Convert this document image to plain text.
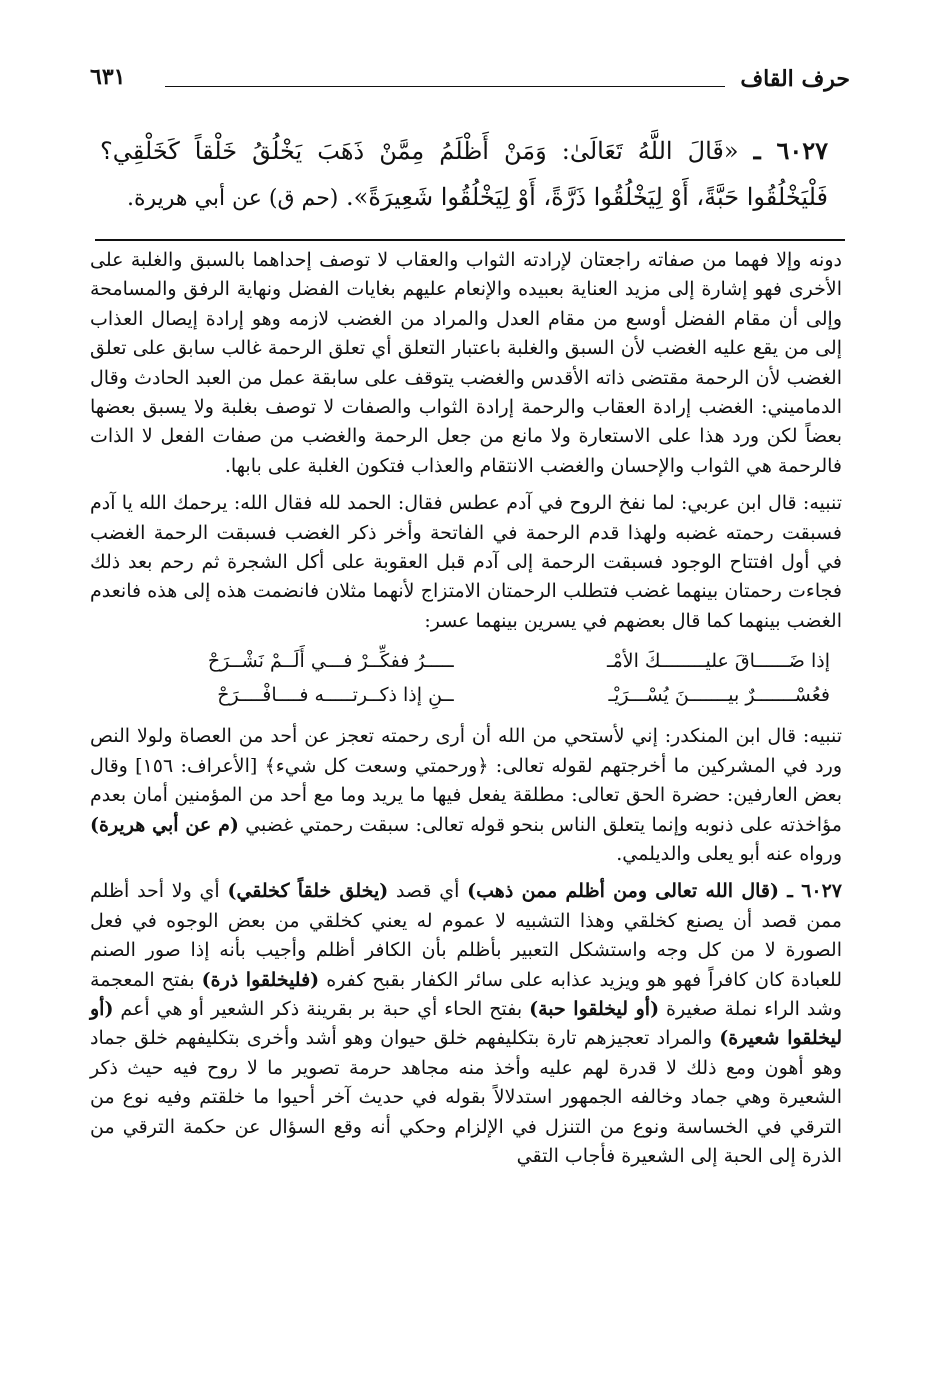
حرف القاف
٦٣١
٦٠٢٧ ـ «قَالَ اللَّهُ تَعَالَىٰ: وَمَنْ أَظْلَمُ مِمَّنْ ذَهَبَ يَخْلُقُ خَلْقاً كَخَلْقِي؟ فَلْيَخْلُقُوا حَبَّةً، أَوْ لِيَخْلُقُوا ذَرَّةً، أَوْ لِيَخْلُقُوا شَعِيرَةً». (حم ق) عن أبي هريرة.

دونه وإلا فهما من صفاته راجعتان لإرادته الثواب والعقاب لا توصف إحداهما بالسبق والغلبة على الأخرى فهو إشارة إلى مزيد العناية بعبيده والإنعام عليهم بغايات الفضل ونهاية الرفق والمسامحة وإلى أن مقام الفضل أوسع من مقام العدل والمراد من الغضب لازمه وهو إرادة إيصال العذاب إلى من يقع عليه الغضب لأن السبق والغلبة باعتبار التعلق أي تعلق الرحمة غالب سابق على تعلق الغضب لأن الرحمة مقتضى ذاته الأقدس والغضب يتوقف على سابقة عمل من العبد الحادث وقال الدماميني: الغضب إرادة العقاب والرحمة إرادة الثواب والصفات لا توصف بغلبة ولا يسبق بعضها بعضاً لكن ورد هذا على الاستعارة ولا مانع من جعل الرحمة والغضب من صفات الفعل لا الذات فالرحمة هي الثواب والإحسان والغضب الانتقام والعذاب فتكون الغلبة على بابها.

تنبيه: قال ابن عربي: لما نفخ الروح في آدم عطس فقال: الحمد لله فقال الله: يرحمك الله يا آدم فسبقت رحمته غضبه ولهذا قدم الرحمة في الفاتحة وأخر ذكر الغضب فسبقت الرحمة الغضب في أول افتتاح الوجود فسبقت الرحمة إلى آدم قبل العقوبة على أكل الشجرة ثم رحم بعد ذلك فجاءت رحمتان بينهما غضب فتطلب الرحمتان الامتزاج لأنهما مثلان فانضمت هذه إلى هذه فانعدم الغضب بينهما كما قال بعضهم في يسرين بينهما عسر:

إذا ضَــــــاقَ عليــــــــكَ الأمْـ
ـــــرُ ففكِّــرْ فـــي أَلَــمْ نَشْــرَحْ
فعُسْـــــــرٌ بيـــــــنَ يُسْـــرَيْـ
ــنِ إذا ذكــرتـــــه فــــافْــــرَحْ

تنبيه: قال ابن المنكدر: إني لأستحي من الله أن أرى رحمته تعجز عن أحد من العصاة ولولا النص ورد في المشركين ما أخرجتهم لقوله تعالى: ﴿ورحمتي وسعت كل شيء﴾ [الأعراف: ١٥٦] وقال بعض العارفين: حضرة الحق تعالى: مطلقة يفعل فيها ما يريد وما مع أحد من المؤمنين أمان بعدم مؤاخذته على ذنوبه وإنما يتعلق الناس بنحو قوله تعالى: سبقت رحمتي غضبي (م عن أبي هريرة) ورواه عنه أبو يعلى والديلمي.

٦٠٢٧ ـ (قال الله تعالى ومن أظلم ممن ذهب) أي قصد (يخلق خلقاً كخلقي) أي ولا أحد أظلم ممن قصد أن يصنع كخلقي وهذا التشبيه لا عموم له يعني كخلقي من بعض الوجوه في فعل الصورة لا من كل وجه واستشكل التعبير بأظلم بأن الكافر أظلم وأجيب بأنه إذا صور الصنم للعبادة كان كافراً فهو هو ويزيد عذابه على سائر الكفار بقبح كفره (فليخلقوا ذرة) بفتح المعجمة وشد الراء نملة صغيرة (أو ليخلقوا حبة) بفتح الحاء أي حبة بر بقرينة ذكر الشعير أو هي أعم (أو ليخلقوا شعيرة) والمراد تعجيزهم تارة بتكليفهم خلق حيوان وهو أشد وأخرى بتكليفهم خلق جماد وهو أهون ومع ذلك لا قدرة لهم عليه وأخذ منه مجاهد حرمة تصوير ما لا روح فيه حيث ذكر الشعيرة وهي جماد وخالفه الجمهور استدلالاً بقوله في حديث آخر أحيوا ما خلقتم وفيه نوع من الترقي في الخساسة ونوع من التنزل في الإلزام وحكي أنه وقع السؤال عن حكمة الترقي من الذرة إلى الحبة إلى الشعيرة فأجاب التقي
